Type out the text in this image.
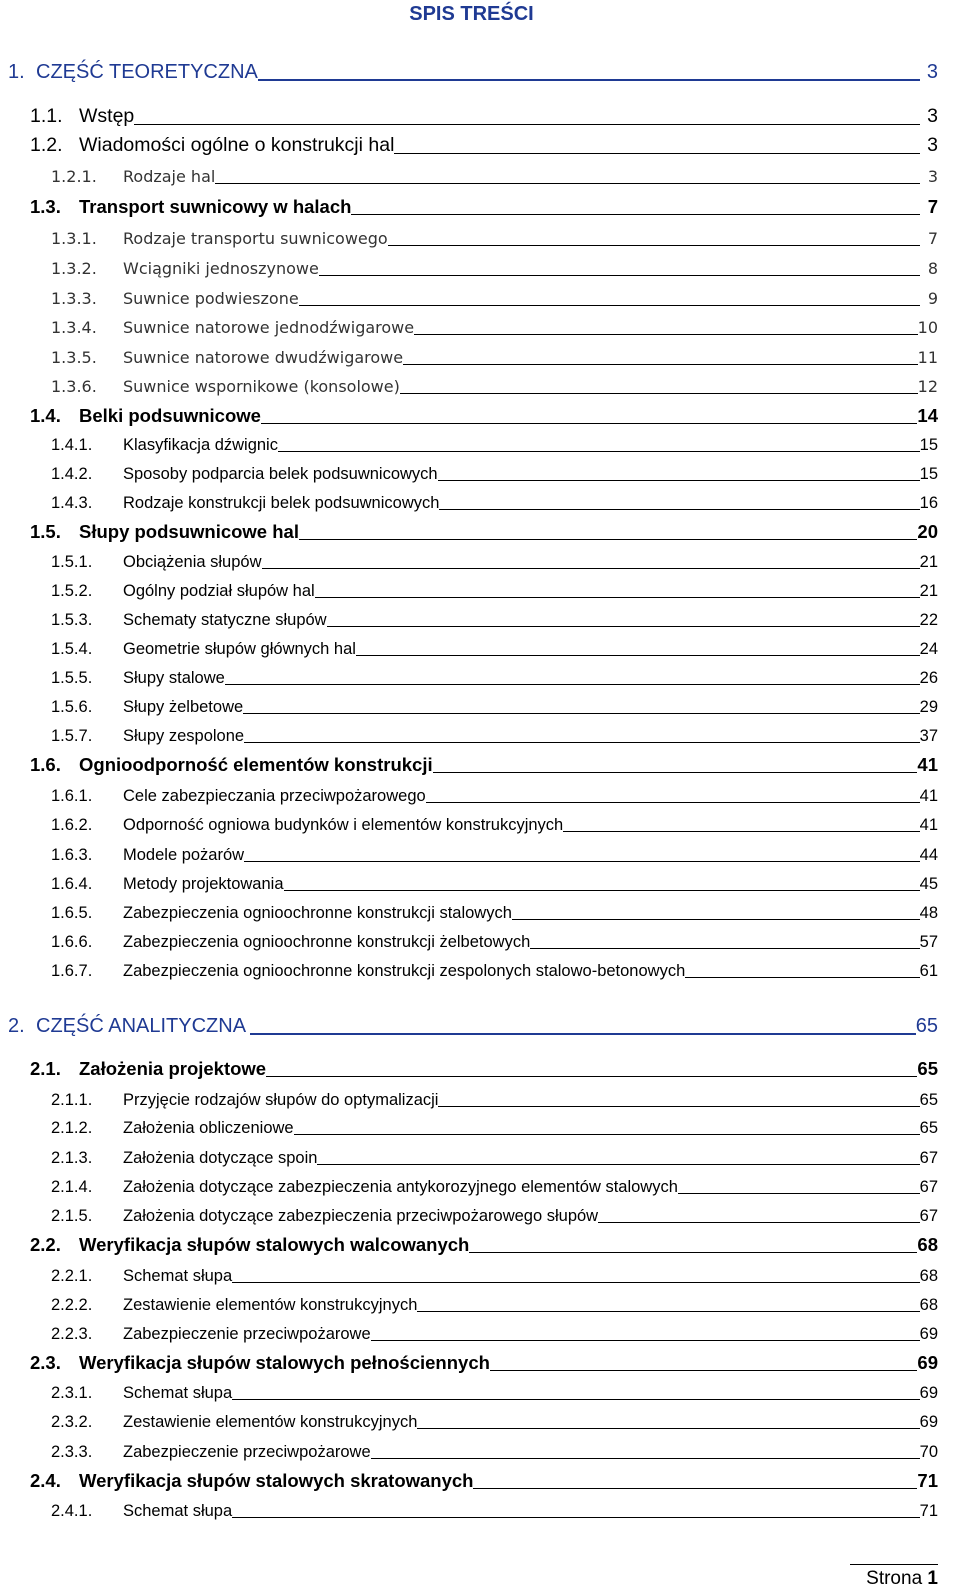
SPIS TREŚCI
1. CZĘŚĆ TEORETYCZNA	3
1.1. Wstęp	3
1.2. Wiadomości ogólne o konstrukcji hal	3
1.2.1. Rodzaje hal	3
1.3. Transport suwnicowy w halach	7
1.3.1. Rodzaje transportu suwnicowego	7
1.3.2. Wciągniki jednoszynowe	8
1.3.3. Suwnice podwieszone	9
1.3.4. Suwnice natorowe jednodźwigarowe	10
1.3.5. Suwnice natorowe dwudźwigarowe	11
1.3.6. Suwnice wspornikowe (konsolowe)	12
1.4. Belki podsuwnicowe	14
1.4.1. Klasyfikacja dźwignic	15
1.4.2. Sposoby podparcia belek podsuwnicowych	15
1.4.3. Rodzaje konstrukcji belek podsuwnicowych	16
1.5. Słupy podsuwnicowe hal	20
1.5.1. Obciążenia słupów	21
1.5.2. Ogólny podział słupów hal	21
1.5.3. Schematy statyczne słupów	22
1.5.4. Geometrie słupów głównych hal	24
1.5.5. Słupy stalowe	26
1.5.6. Słupy żelbetowe	29
1.5.7. Słupy zespolone	37
1.6. Ognioodporność elementów konstrukcji	41
1.6.1. Cele zabezpieczania przeciwpożarowego	41
1.6.2. Odporność ogniowa budynków i elementów konstrukcyjnych	41
1.6.3. Modele pożarów	44
1.6.4. Metody projektowania	45
1.6.5. Zabezpieczenia ognioochronne konstrukcji stalowych	48
1.6.6. Zabezpieczenia ognioochronne konstrukcji żelbetowych	57
1.6.7. Zabezpieczenia ognioochronne konstrukcji zespolonych stalowo-betonowych	61
2. CZĘŚĆ ANALITYCZNA	65
2.1. Założenia projektowe	65
2.1.1. Przyjęcie rodzajów słupów do optymalizacji	65
2.1.2. Założenia obliczeniowe	65
2.1.3. Założenia dotyczące spoin	67
2.1.4. Założenia dotyczące zabezpieczenia antykorozyjnego elementów stalowych	67
2.1.5. Założenia dotyczące zabezpieczenia przeciwpożarowego słupów	67
2.2. Weryfikacja słupów stalowych walcowanych	68
2.2.1. Schemat słupa	68
2.2.2. Zestawienie elementów konstrukcyjnych	68
2.2.3. Zabezpieczenie przeciwpożarowe	69
2.3. Weryfikacja słupów stalowych pełnościennych	69
2.3.1. Schemat słupa	69
2.3.2. Zestawienie elementów konstrukcyjnych	69
2.3.3. Zabezpieczenie przeciwpożarowe	70
2.4. Weryfikacja słupów stalowych skratowanych	71
2.4.1. Schemat słupa	71
Strona 1
